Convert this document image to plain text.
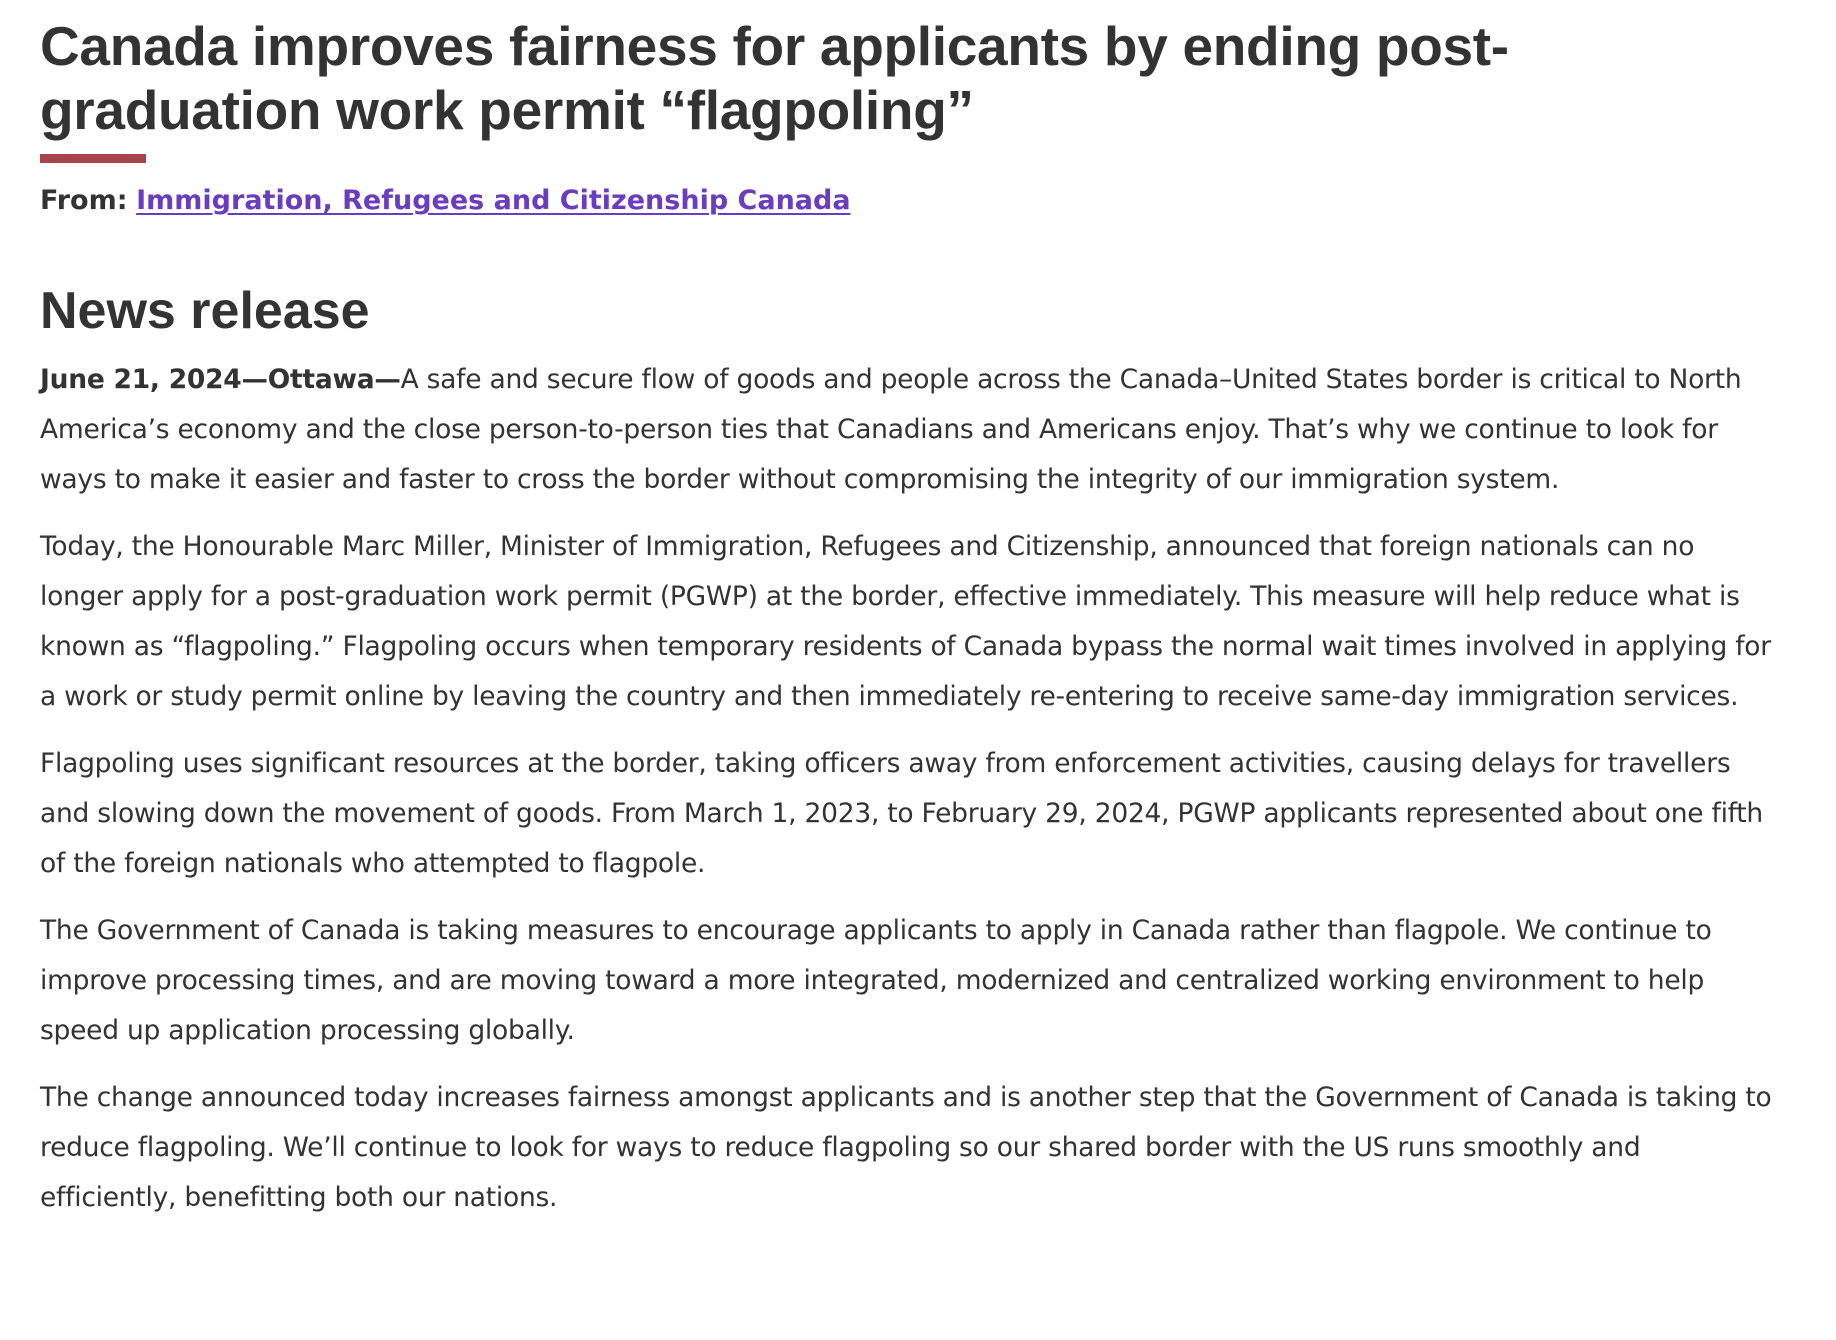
Canada improves fairness for applicants by ending post-graduation work permit “flagpoling”
From: Immigration, Refugees and Citizenship Canada
News release

June 21, 2024—Ottawa—A safe and secure flow of goods and people across the Canada–United States border is critical to North America’s economy and the close person-to-person ties that Canadians and Americans enjoy. That’s why we continue to look for ways to make it easier and faster to cross the border without compromising the integrity of our immigration system.

Today, the Honourable Marc Miller, Minister of Immigration, Refugees and Citizenship, announced that foreign nationals can no longer apply for a post-graduation work permit (PGWP) at the border, effective immediately. This measure will help reduce what is known as “flagpoling.” Flagpoling occurs when temporary residents of Canada bypass the normal wait times involved in applying for a work or study permit online by leaving the country and then immediately re-entering to receive same-day immigration services.

Flagpoling uses significant resources at the border, taking officers away from enforcement activities, causing delays for travellers and slowing down the movement of goods. From March 1, 2023, to February 29, 2024, PGWP applicants represented about one fifth of the foreign nationals who attempted to flagpole.

The Government of Canada is taking measures to encourage applicants to apply in Canada rather than flagpole. We continue to improve processing times, and are moving toward a more integrated, modernized and centralized working environment to help speed up application processing globally.

The change announced today increases fairness amongst applicants and is another step that the Government of Canada is taking to reduce flagpoling. We’ll continue to look for ways to reduce flagpoling so our shared border with the US runs smoothly and efficiently, benefitting both our nations.
